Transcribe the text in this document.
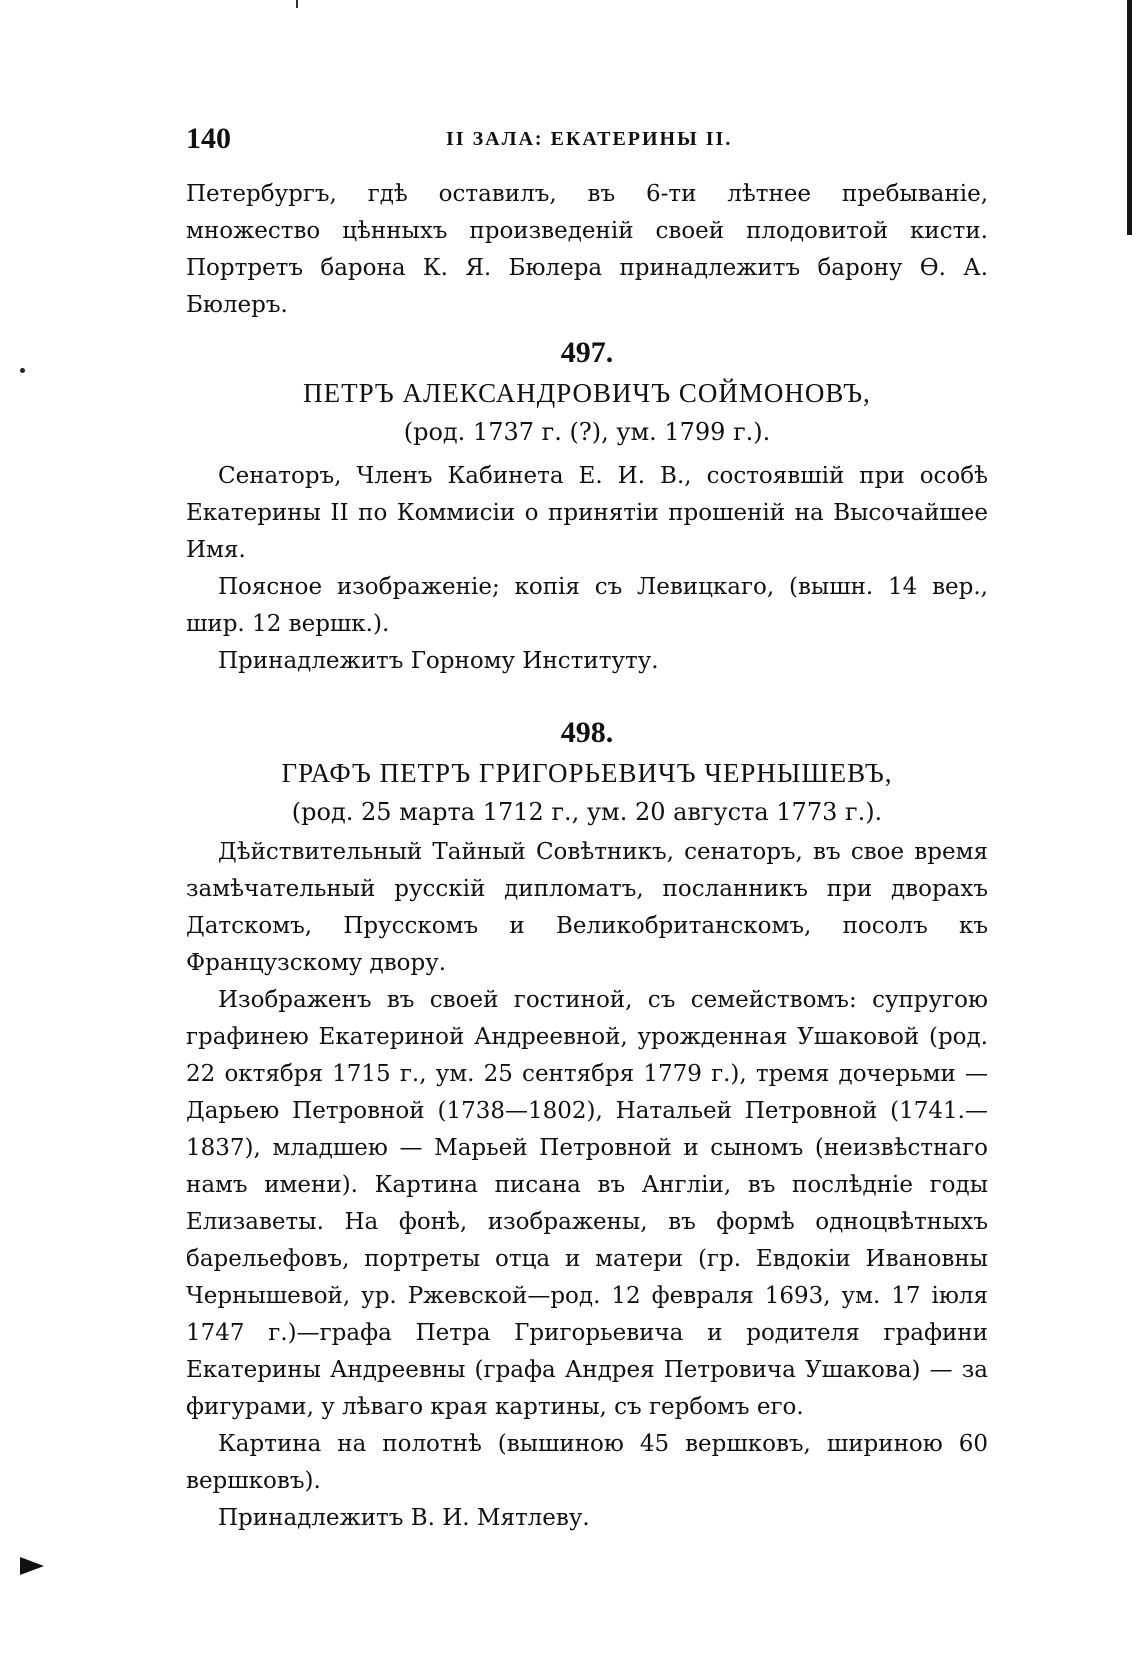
140	II ЗАЛА: ЕКАТЕРИНЫ II.

Петербургъ, гдѣ оставилъ, въ 6-ти лѣтнее пребываніе, множество цѣнныхъ произведеній своей плодовитой кисти. Портретъ барона К. Я. Бюлера принадлежитъ барону Ѳ. А. Бюлеръ.

497.
ПЕТРЪ АЛЕКСАНДРОВИЧЪ СОЙМОНОВЪ,
(род. 1737 г. (?), ум. 1799 г.).

Сенаторъ, Членъ Кабинета Е. И. В., состоявшій при особѣ Екатерины II по Коммисіи о принятіи прошеній на Высочайшее Имя.

Поясное изображеніе; копія съ Левицкаго, (вышн. 14 вер., шир. 12 вершк.).

Принадлежитъ Горному Институту.

498.
ГРАФЪ ПЕТРЪ ГРИГОРЬЕВИЧЪ ЧЕРНЫШЕВЪ,
(род. 25 марта 1712 г., ум. 20 августа 1773 г.).

Дѣйствительный Тайный Совѣтникъ, сенаторъ, въ свое время замѣчательный русскій дипломатъ, посланникъ при дворахъ Датскомъ, Прусскомъ и Великобританскомъ, посолъ къ Французскому двору.

Изображенъ въ своей гостиной, съ семействомъ: супругою графинею Екатериной Андреевной, урожденная Ушаковой (род. 22 октября 1715 г., ум. 25 сентября 1779 г.), тремя дочерьми — Дарьею Петровной (1738—1802), Натальей Петровной (1741.— 1837), младшею — Марьей Петровной и сыномъ (неизвѣстнаго намъ имени). Картина писана въ Англіи, въ послѣдніе годы Елизаветы. На фонѣ, изображены, въ формѣ одноцвѣтныхъ барельефовъ, портреты отца и матери (гр. Евдокіи Ивановны Чернышевой, ур. Ржевской—род. 12 февраля 1693, ум. 17 іюля 1747 г.)—графа Петра Григорьевича и родителя графини Екатерины Андреевны (графа Андрея Петровича Ушакова) — за фигурами, у лѣваго края картины, съ гербомъ его.

Картина на полотнѣ (вышиною 45 вершковъ, шириною 60 вершковъ).

Принадлежитъ В. И. Мятлеву.
